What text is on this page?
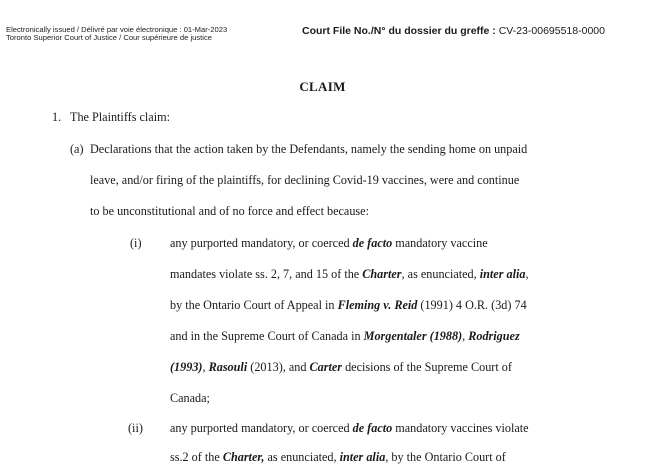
Electronically issued / Délivré par voie électronique : 01-Mar-2023
Toronto Superior Court of Justice / Cour supérieure de justice
Court File No./N° du dossier du greffe : CV-23-00695518-0000
CLAIM
1. The Plaintiffs claim:
(a) Declarations that the action taken by the Defendants, namely the sending home on unpaid
leave, and/or firing of the plaintiffs, for declining Covid-19 vaccines, were and continue
to be unconstitutional and of no force and effect because:
(i) any purported mandatory, or coerced de facto mandatory vaccine
mandates violate ss. 2, 7, and 15 of the Charter, as enunciated, inter alia,
by the Ontario Court of Appeal in Fleming v. Reid (1991) 4 O.R. (3d) 74
and in the Supreme Court of Canada in Morgentaler (1988), Rodriguez
(1993), Rasouli (2013), and Carter decisions of the Supreme Court of
Canada;
(ii) any purported mandatory, or coerced de facto mandatory vaccines violate
ss.2 of the Charter, as enunciated, inter alia, by the Ontario Court of
